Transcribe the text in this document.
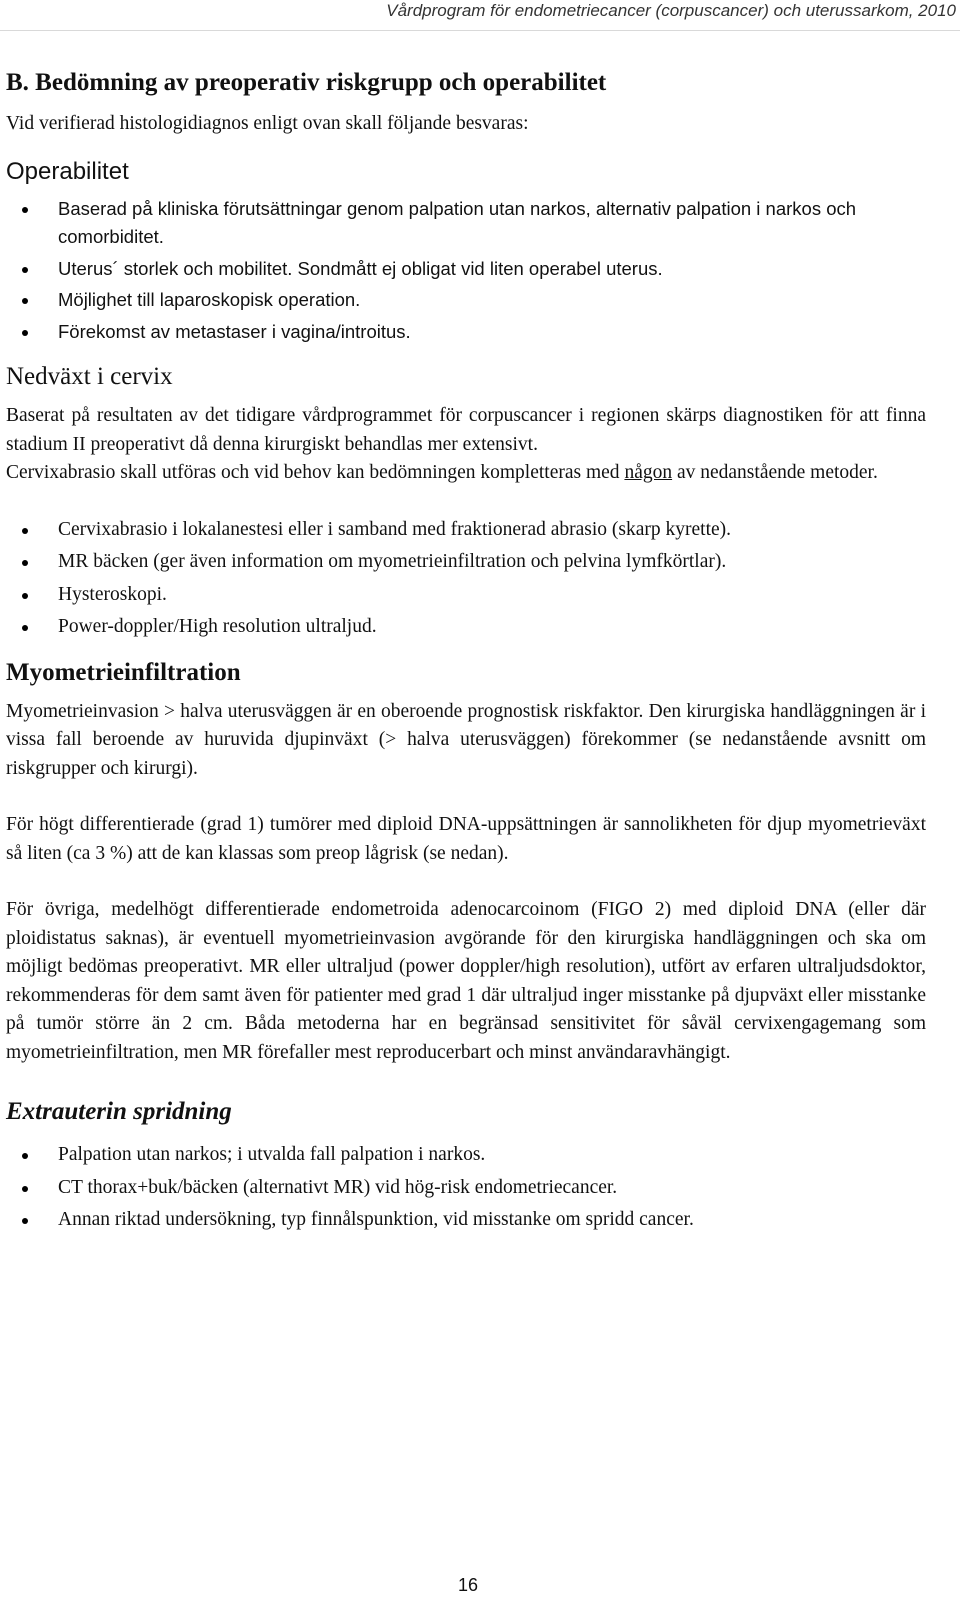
Vårdprogram för endometriecancer (corpuscancer) och uterussarkom, 2010
B. Bedömning av preoperativ riskgrupp och operabilitet

Vid verifierad histologidiagnos enligt ovan skall följande besvaras:

Operabilitet
Baserad på kliniska förutsättningar genom palpation utan narkos, alternativ palpation i narkos och comorbiditet.
Uterus´ storlek och mobilitet. Sondmått ej obligat vid liten operabel uterus.
Möjlighet till laparoskopisk operation.
Förekomst av metastaser i vagina/introitus.
Nedväxt i cervix

Baserat på resultaten av det tidigare vårdprogrammet för corpuscancer i regionen skärps diagnostiken för att finna stadium II preoperativt då denna kirurgiskt behandlas mer extensivt.

Cervixabrasio skall utföras och vid behov kan bedömningen kompletteras med någon av nedanstående metoder.

Cervixabrasio i lokalanestesi eller i samband med fraktionerad abrasio (skarp kyrette).
MR bäcken (ger även information om myometrieinfiltration och pelvina lymfkörtlar).
Hysteroskopi.
Power-doppler/High resolution ultraljud.
Myometrieinfiltration

Myometrieinvasion > halva uterusväggen är en oberoende prognostisk riskfaktor. Den kirurgiska handläggningen är i vissa fall beroende av huruvida djupinväxt (> halva uterusväggen) förekommer (se nedanstående avsnitt om riskgrupper och kirurgi).

För högt differentierade (grad 1) tumörer med diploid DNA-uppsättningen är sannolikheten för djup myometrieväxt så liten (ca 3 %) att de kan klassas som preop lågrisk (se nedan).

För övriga, medelhögt differentierade endometroida adenocarcoinom (FIGO 2) med diploid DNA (eller där ploidistatus saknas), är eventuell myometrieinvasion avgörande för den kirurgiska handläggningen och ska om möjligt bedömas preoperativt. MR eller ultraljud (power doppler/high resolution), utfört av erfaren ultraljudsdoktor, rekommenderas för dem samt även för patienter med grad 1 där ultraljud inger misstanke på djupväxt eller misstanke på tumör större än 2 cm. Båda metoderna har en begränsad sensitivitet för såväl cervixengagemang som myometrieinfiltration, men MR förefaller mest reproducerbart och minst användaravhängigt.

Extrauterin spridning
Palpation utan narkos; i utvalda fall palpation i narkos.
CT thorax+buk/bäcken (alternativt MR) vid hög-risk endometriecancer.
Annan riktad undersökning, typ finnålspunktion, vid misstanke om spridd cancer.
16
